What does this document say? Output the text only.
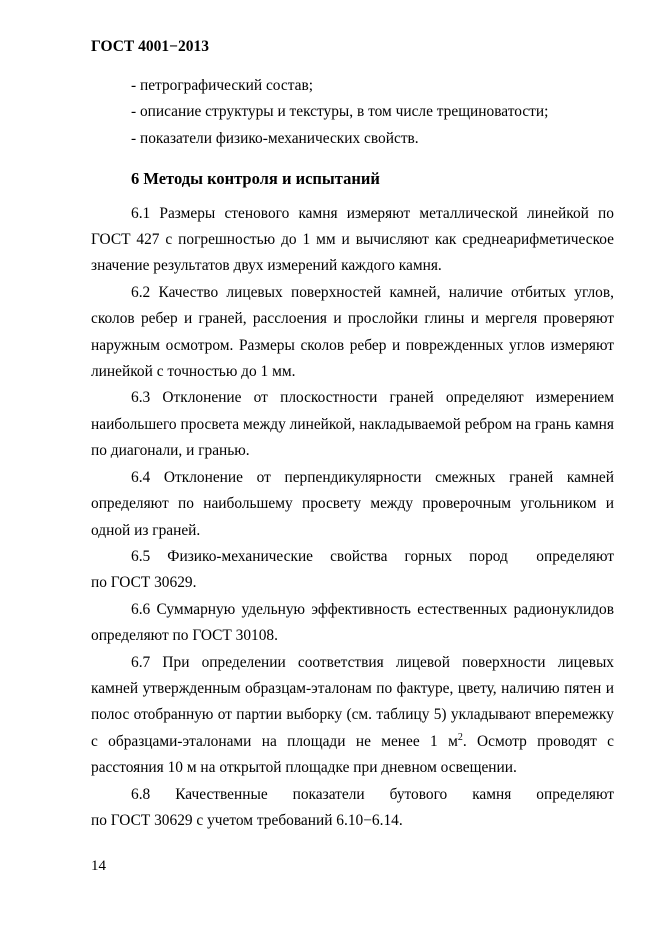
ГОСТ 4001−2013

- петрографический состав;

- описание структуры и текстуры, в том числе трещиноватости;

- показатели физико-механических свойств.

6 Методы контроля и испытаний

6.1 Размеры стенового камня измеряют металлической линейкой по ГОСТ 427 с погрешностью до 1 мм и вычисляют как среднеарифметическое значение результатов двух измерений каждого камня.

6.2 Качество лицевых поверхностей камней, наличие отбитых углов, сколов ребер и граней, расслоения и прослойки глины и мергеля проверяют наружным осмотром. Размеры сколов ребер и поврежденных углов измеряют линейкой с точностью до 1 мм.

6.3 Отклонение от плоскостности граней определяют измерением наибольшего просвета между линейкой, накладываемой ребром на грань камня по диагонали, и гранью.

6.4 Отклонение от перпендикулярности смежных граней камней определяют по наибольшему просвету между проверочным угольником и одной из граней.

6.5   Физико-механические   свойства   горных   пород     определяют

по ГОСТ 30629.

6.6 Суммарную удельную эффективность естественных радионуклидов определяют по ГОСТ 30108.

6.7 При определении соответствия лицевой поверхности лицевых камней утвержденным образцам-эталонам по фактуре, цвету, наличию пятен и полос отобранную от партии выборку (см. таблицу 5) укладывают вперемежку с образцами-эталонами на площади не менее 1 $м^2$. Осмотр проводят с расстояния 10 м на открытой площадке при дневном освещении.

6.8     Качественные     показатели     бутового     камня     определяют

по ГОСТ 30629 с учетом требований 6.10−6.14.

14
